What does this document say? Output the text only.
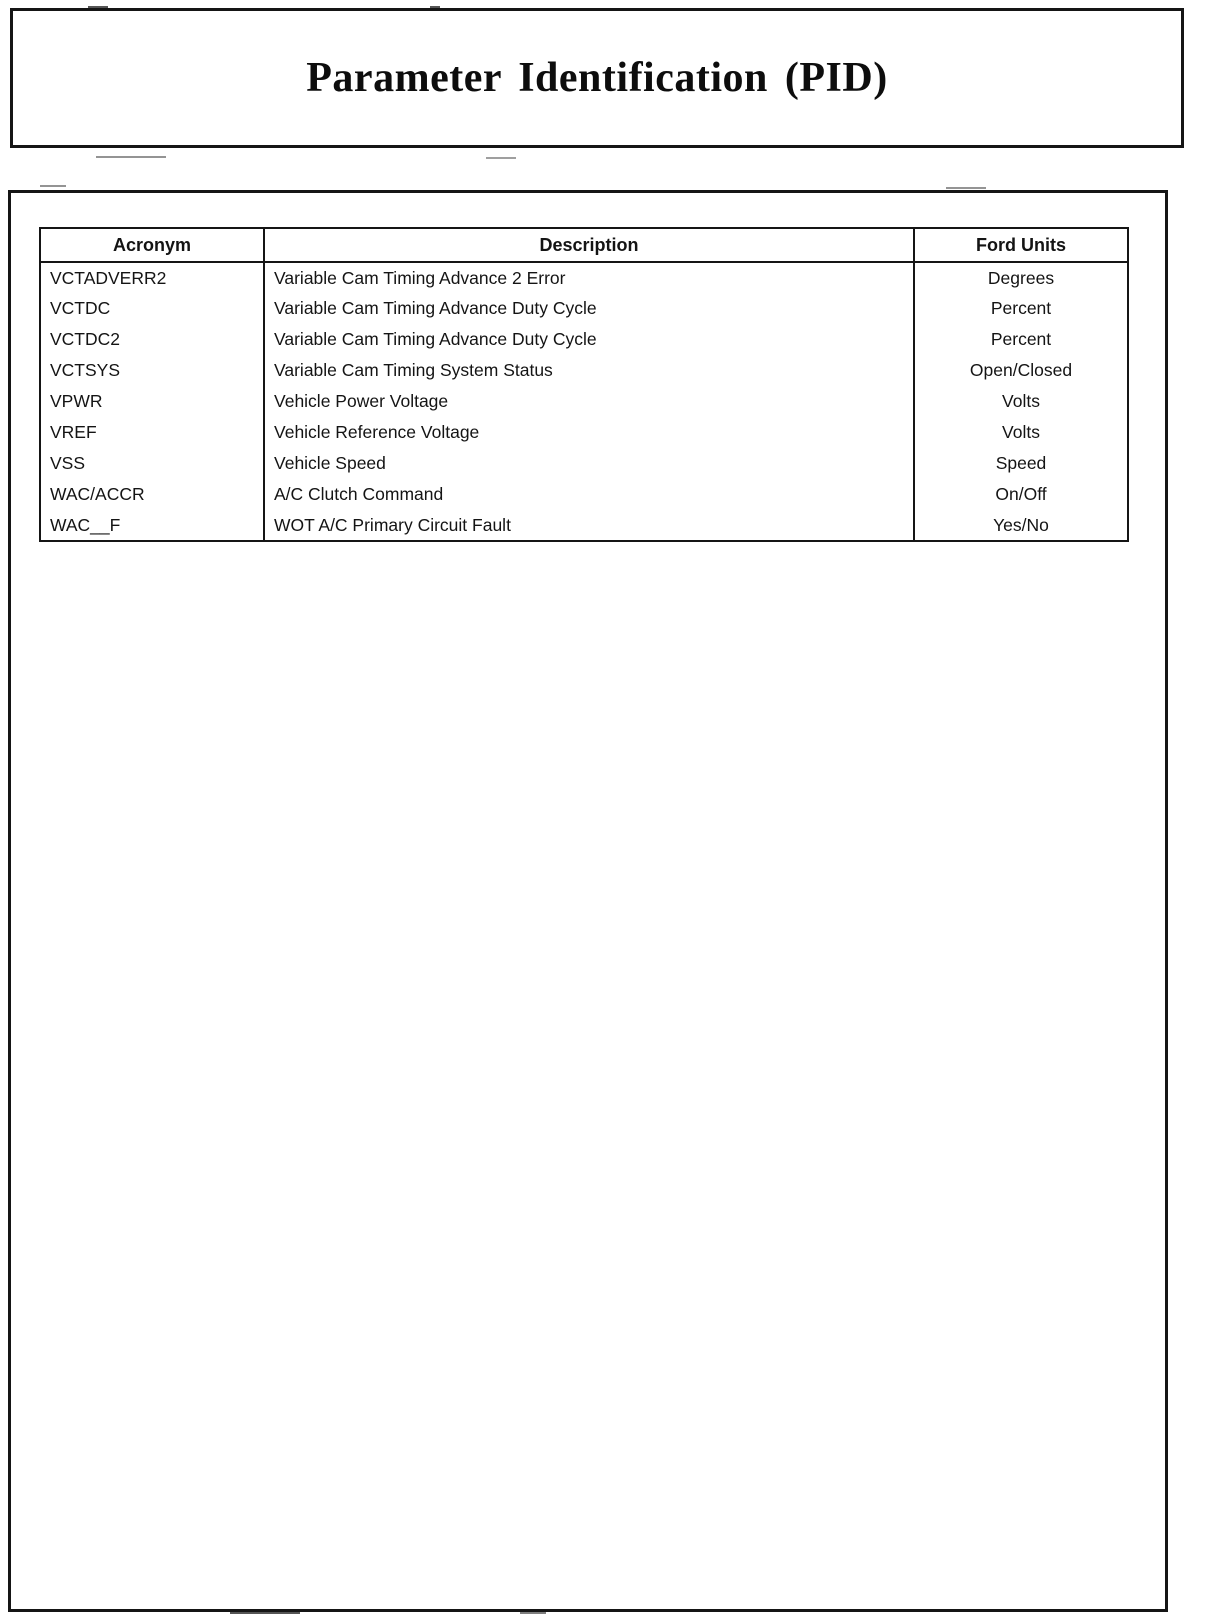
Parameter Identification (PID)
Acronym	Description	Ford Units
VCTADVERR2	Variable Cam Timing Advance 2 Error	Degrees
VCTDC	Variable Cam Timing Advance Duty Cycle	Percent
VCTDC2	Variable Cam Timing Advance Duty Cycle	Percent
VCTSYS	Variable Cam Timing System Status	Open/Closed
VPWR	Vehicle Power Voltage	Volts
VREF	Vehicle Reference Voltage	Volts
VSS	Vehicle Speed	Speed
WAC/ACCR	A/C Clutch Command	On/Off
WAC__F	WOT A/C Primary Circuit Fault	Yes/No
